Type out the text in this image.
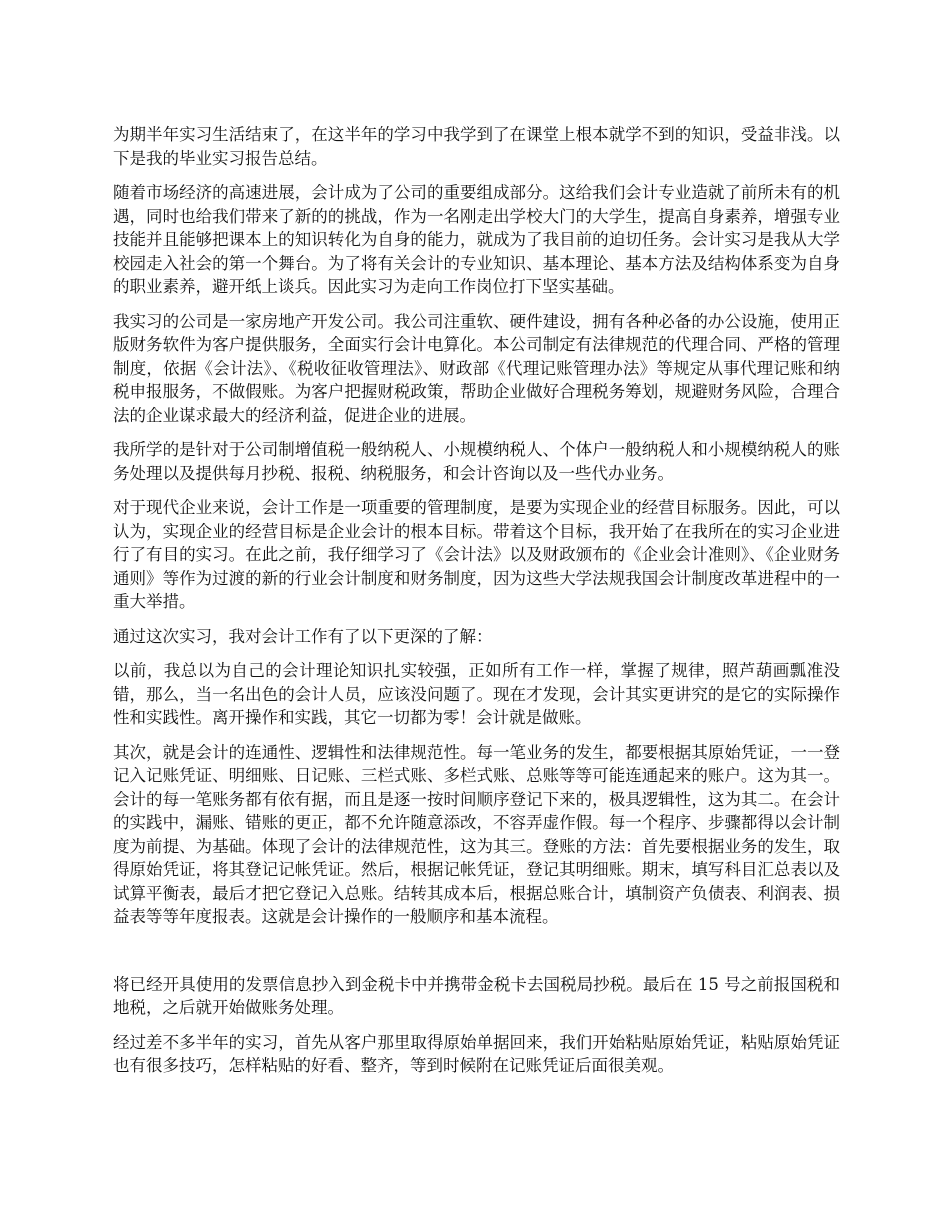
为期半年实习生活结束了，在这半年的学习中我学到了在课堂上根本就学不到的知识，受益非浅。以下是我的毕业实习报告总结。

随着市场经济的高速进展，会计成为了公司的重要组成部分。这给我们会计专业造就了前所未有的机遇，同时也给我们带来了新的的挑战，作为一名刚走出学校大门的大学生，提高自身素养，增强专业技能并且能够把课本上的知识转化为自身的能力，就成为了我目前的迫切任务。会计实习是我从大学校园走入社会的第一个舞台。为了将有关会计的专业知识、基本理论、基本方法及结构体系变为自身的职业素养，避开纸上谈兵。因此实习为走向工作岗位打下坚实基础。

我实习的公司是一家房地产开发公司。我公司注重软、硬件建设，拥有各种必备的办公设施，使用正版财务软件为客户提供服务，全面实行会计电算化。本公司制定有法律规范的代理合同、严格的管理制度，依据《会计法》、《税收征收管理法》、财政部《代理记账管理办法》等规定从事代理记账和纳税申报服务，不做假账。为客户把握财税政策，帮助企业做好合理税务筹划，规避财务风险，合理合法的企业谋求最大的经济利益，促进企业的进展。

我所学的是针对于公司制增值税一般纳税人、小规模纳税人、个体户一般纳税人和小规模纳税人的账务处理以及提供每月抄税、报税、纳税服务，和会计咨询以及一些代办业务。

对于现代企业来说，会计工作是一项重要的管理制度，是要为实现企业的经营目标服务。因此，可以认为，实现企业的经营目标是企业会计的根本目标。带着这个目标，我开始了在我所在的实习企业进行了有目的实习。在此之前，我仔细学习了《会计法》以及财政颁布的《企业会计准则》、《企业财务通则》等作为过渡的新的行业会计制度和财务制度，因为这些大学法规我国会计制度改革进程中的一重大举措。

通过这次实习，我对会计工作有了以下更深的了解：

以前，我总以为自己的会计理论知识扎实较强，正如所有工作一样，掌握了规律，照芦葫画瓢准没错，那么，当一名出色的会计人员，应该没问题了。现在才发现，会计其实更讲究的是它的实际操作性和实践性。离开操作和实践，其它一切都为零！会计就是做账。

其次，就是会计的连通性、逻辑性和法律规范性。每一笔业务的发生，都要根据其原始凭证，一一登记入记账凭证、明细账、日记账、三栏式账、多栏式账、总账等等可能连通起来的账户。这为其一。会计的每一笔账务都有依有据，而且是逐一按时间顺序登记下来的，极具逻辑性，这为其二。在会计的实践中，漏账、错账的更正，都不允许随意添改，不容弄虚作假。每一个程序、步骤都得以会计制度为前提、为基础。体现了会计的法律规范性，这为其三。登账的方法：首先要根据业务的发生，取得原始凭证，将其登记记帐凭证。然后，根据记帐凭证，登记其明细账。期末，填写科目汇总表以及试算平衡表，最后才把它登记入总账。结转其成本后，根据总账合计，填制资产负债表、利润表、损益表等等年度报表。这就是会计操作的一般顺序和基本流程。

将已经开具使用的发票信息抄入到金税卡中并携带金税卡去国税局抄税。最后在 15 号之前报国税和地税，之后就开始做账务处理。

经过差不多半年的实习，首先从客户那里取得原始单据回来，我们开始粘贴原始凭证，粘贴原始凭证也有很多技巧，怎样粘贴的好看、整齐，等到时候附在记账凭证后面很美观。
